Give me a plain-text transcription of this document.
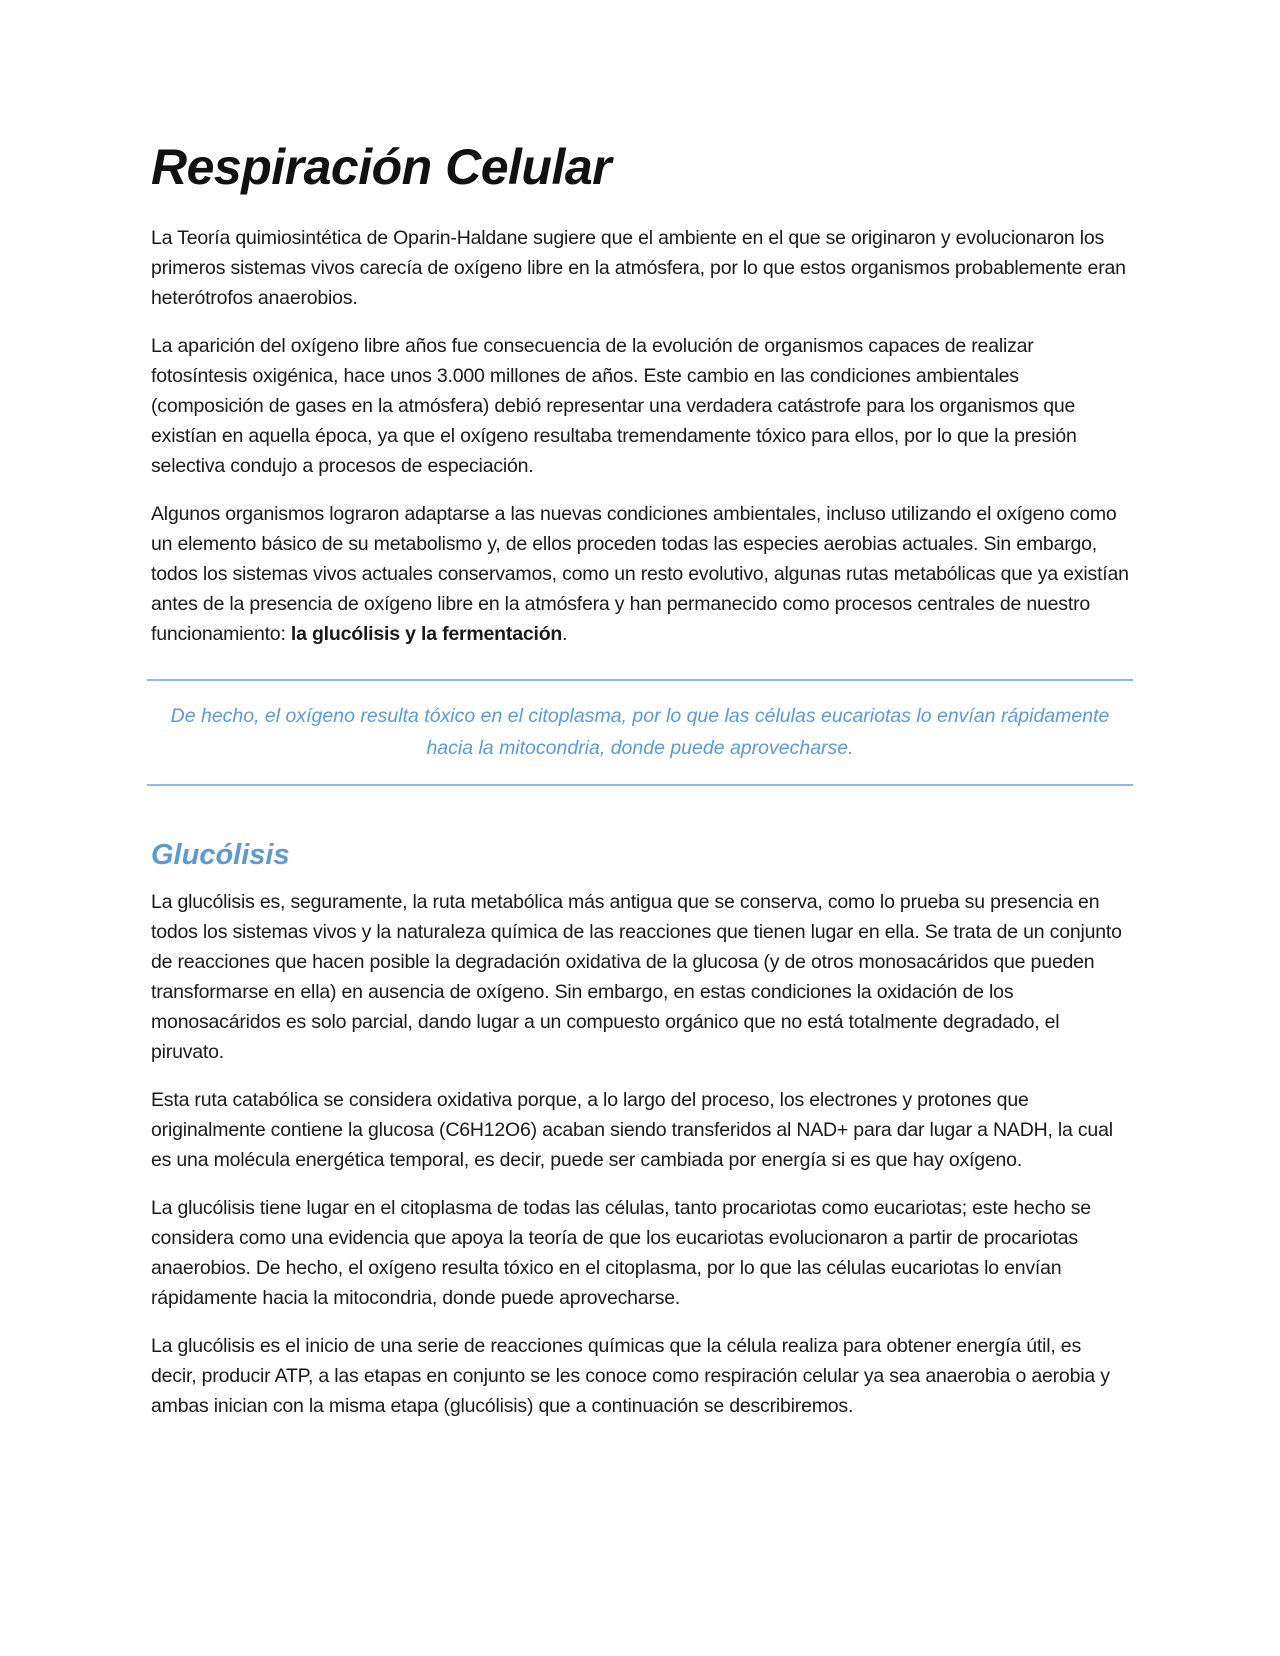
Respiración Celular

La Teoría quimiosintética de Oparin-Haldane sugiere que el ambiente en el que se originaron y evolucionaron los primeros sistemas vivos carecía de oxígeno libre en la atmósfera, por lo que estos organismos probablemente eran heterótrofos anaerobios.

La aparición del oxígeno libre años fue consecuencia de la evolución de organismos capaces de realizar fotosíntesis oxigénica, hace unos 3.000 millones de años. Este cambio en las condiciones ambientales (composición de gases en la atmósfera) debió representar una verdadera catástrofe para los organismos que existían en aquella época, ya que el oxígeno resultaba tremendamente tóxico para ellos, por lo que la presión selectiva condujo a procesos de especiación.

Algunos organismos lograron adaptarse a las nuevas condiciones ambientales, incluso utilizando el oxígeno como un elemento básico de su metabolismo y, de ellos proceden todas las especies aerobias actuales. Sin embargo, todos los sistemas vivos actuales conservamos, como un resto evolutivo, algunas rutas metabólicas que ya existían antes de la presencia de oxígeno libre en la atmósfera y han permanecido como procesos centrales de nuestro funcionamiento: la glucólisis y la fermentación.

De hecho, el oxígeno resulta tóxico en el citoplasma, por lo que las células eucariotas lo envían rápidamente hacia la mitocondria, donde puede aprovecharse.
Glucólisis

La glucólisis es, seguramente, la ruta metabólica más antigua que se conserva, como lo prueba su presencia en todos los sistemas vivos y la naturaleza química de las reacciones que tienen lugar en ella. Se trata de un conjunto de reacciones que hacen posible la degradación oxidativa de la glucosa (y de otros monosacáridos que pueden transformarse en ella) en ausencia de oxígeno. Sin embargo, en estas condiciones la oxidación de los monosacáridos es solo parcial, dando lugar a un compuesto orgánico que no está totalmente degradado, el piruvato.

Esta ruta catabólica se considera oxidativa porque, a lo largo del proceso, los electrones y protones que originalmente contiene la glucosa (C6H12O6) acaban siendo transferidos al NAD+ para dar lugar a NADH, la cual es una molécula energética temporal, es decir, puede ser cambiada por energía si es que hay oxígeno.

La glucólisis tiene lugar en el citoplasma de todas las células, tanto procariotas como eucariotas; este hecho se considera como una evidencia que apoya la teoría de que los eucariotas evolucionaron a partir de procariotas anaerobios. De hecho, el oxígeno resulta tóxico en el citoplasma, por lo que las células eucariotas lo envían rápidamente hacia la mitocondria, donde puede aprovecharse.

La glucólisis es el inicio de una serie de reacciones químicas que la célula realiza para obtener energía útil, es decir, producir ATP, a las etapas en conjunto se les conoce como respiración celular ya sea anaerobia o aerobia y ambas inician con la misma etapa (glucólisis) que a continuación se describiremos.
